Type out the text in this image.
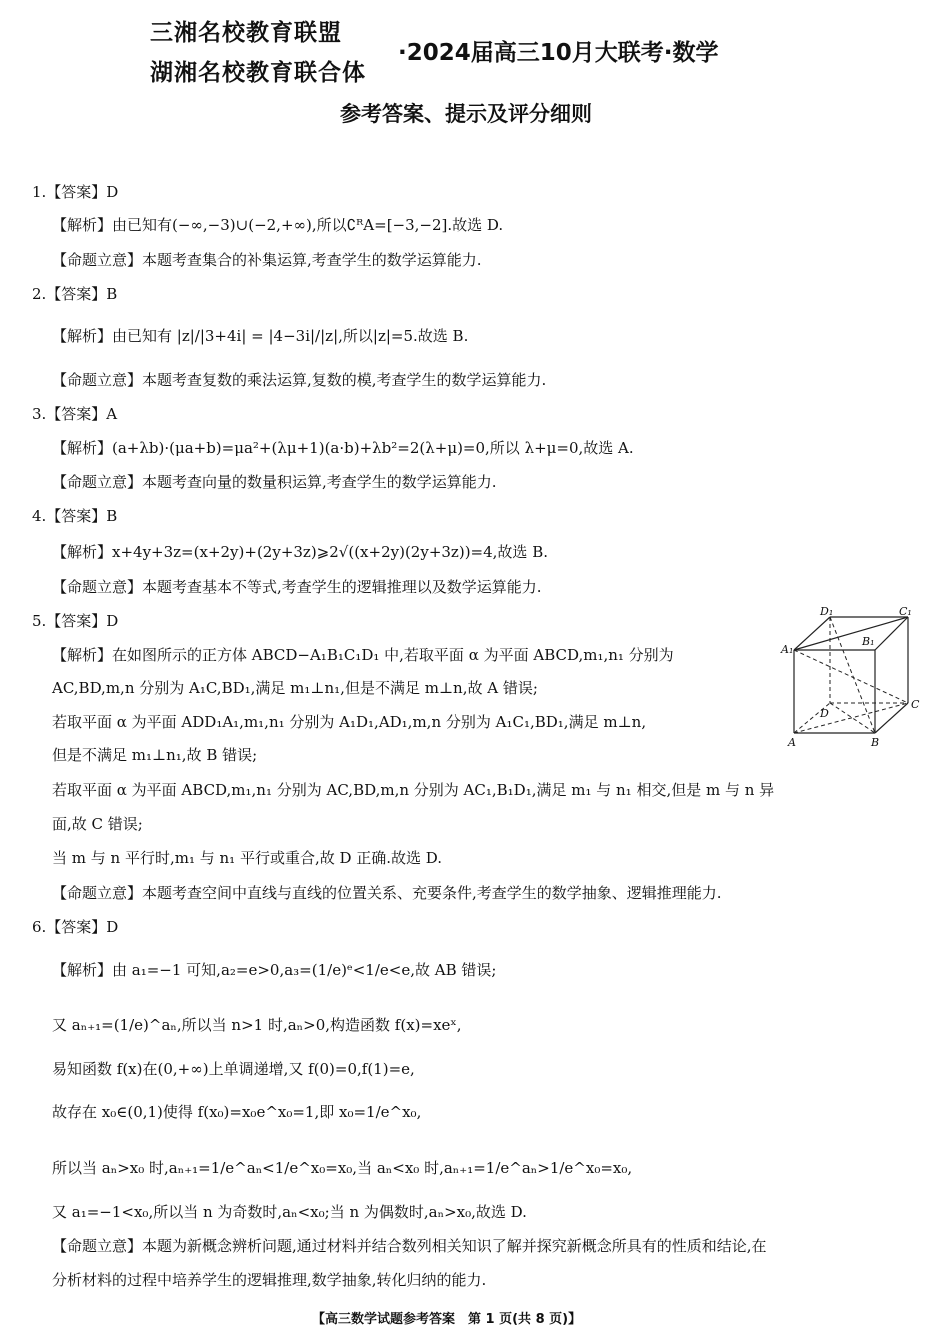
三湘名校教育联盟
湖湘名校教育联合体
·2024届高三10月大联考·数学
参考答案、提示及评分细则
1.【答案】D
【解析】由已知有(−∞,−3)∪(−2,+∞),所以∁ᴿA=[−3,−2].故选 D.
【命题立意】本题考查集合的补集运算,考查学生的数学运算能力.
2.【答案】B
【解析】由已知有 |z|/|3+4i| = |4−3i|/|z|,所以|z|=5.故选 B.
【命题立意】本题考查复数的乘法运算,复数的模,考查学生的数学运算能力.
3.【答案】A
【解析】(a+λb)·(μa+b)=μa²+(λμ+1)(a·b)+λb²=2(λ+μ)=0,所以 λ+μ=0,故选 A.
【命题立意】本题考查向量的数量积运算,考查学生的数学运算能力.
4.【答案】B
【解析】x+4y+3z=(x+2y)+(2y+3z)⩾2√((x+2y)(2y+3z))=4,故选 B.
【命题立意】本题考查基本不等式,考查学生的逻辑推理以及数学运算能力.
5.【答案】D
【解析】在如图所示的正方体 ABCD−A₁B₁C₁D₁ 中,若取平面 α 为平面 ABCD,m₁,n₁ 分别为
AC,BD,m,n 分别为 A₁C,BD₁,满足 m₁⊥n₁,但是不满足 m⊥n,故 A 错误;
若取平面 α 为平面 ADD₁A₁,m₁,n₁ 分别为 A₁D₁,AD₁,m,n 分别为 A₁C₁,BD₁,满足 m⊥n,
但是不满足 m₁⊥n₁,故 B 错误;
若取平面 α 为平面 ABCD,m₁,n₁ 分别为 AC,BD,m,n 分别为 AC₁,B₁D₁,满足 m₁ 与 n₁ 相交,但是 m 与 n 异
面,故 C 错误;
当 m 与 n 平行时,m₁ 与 n₁ 平行或重合,故 D 正确.故选 D.
【命题立意】本题考查空间中直线与直线的位置关系、充要条件,考查学生的数学抽象、逻辑推理能力.
D₁	C₁
B₁
A₁
D
C
A	B
6.【答案】D
【解析】由 a₁=−1 可知,a₂=e>0,a₃=(1/e)ᵉ<1/e<e,故 AB 错误;
又 aₙ₊₁=(1/e)^aₙ,所以当 n>1 时,aₙ>0,构造函数 f(x)=xeˣ,
易知函数 f(x)在(0,+∞)上单调递增,又 f(0)=0,f(1)=e,
故存在 x₀∈(0,1)使得 f(x₀)=x₀e^x₀=1,即 x₀=1/e^x₀,
所以当 aₙ>x₀ 时,aₙ₊₁=1/e^aₙ<1/e^x₀=x₀,当 aₙ<x₀ 时,aₙ₊₁=1/e^aₙ>1/e^x₀=x₀,
又 a₁=−1<x₀,所以当 n 为奇数时,aₙ<x₀;当 n 为偶数时,aₙ>x₀,故选 D.
【命题立意】本题为新概念辨析问题,通过材料并结合数列相关知识了解并探究新概念所具有的性质和结论,在
分析材料的过程中培养学生的逻辑推理,数学抽象,转化归纳的能力.
【高三数学试题参考答案　第 1 页(共 8 页)】
